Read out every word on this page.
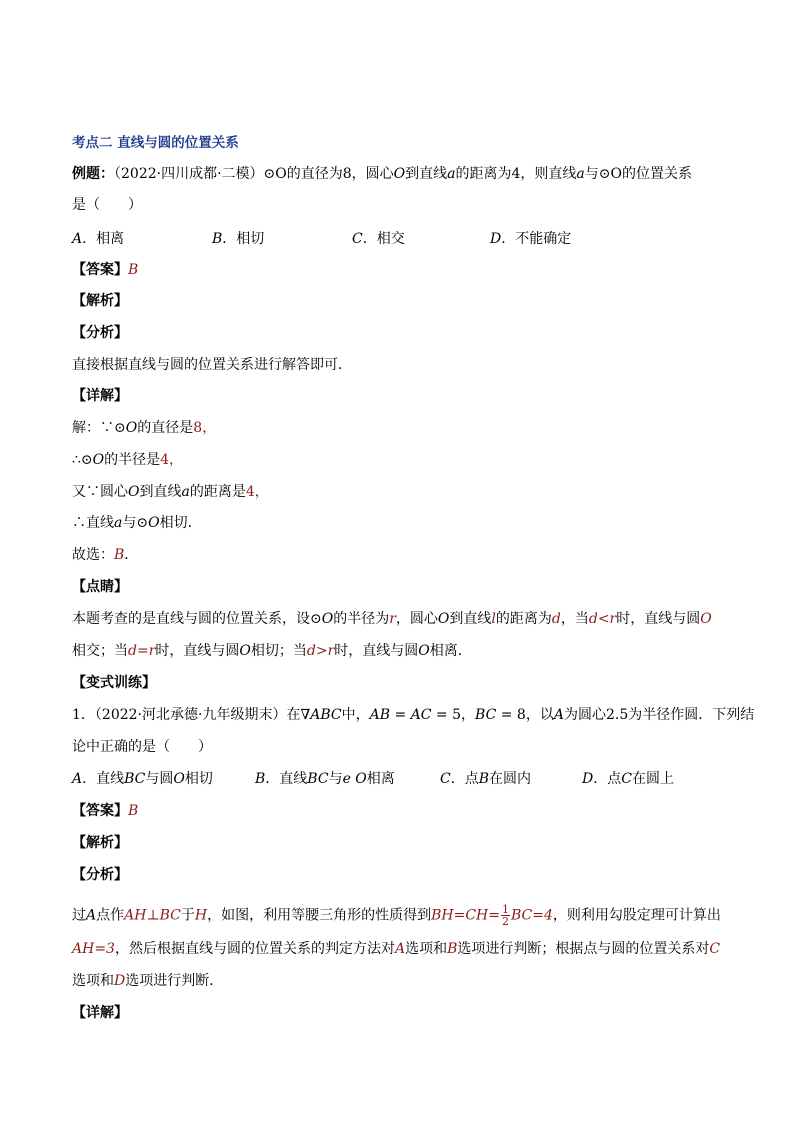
考点二 直线与圆的位置关系
例题：（2022·四川成都·二模）⊙O的直径为8，圆心O到直线a的距离为4，则直线a与⊙O的位置关系
是（　　）
A．相离	B．相切	C．相交	D．不能确定
【答案】B
【解析】
【分析】
直接根据直线与圆的位置关系进行解答即可．
【详解】
解：∵⊙O的直径是8，
∴⊙O的半径是4，
又∵圆心O到直线a的距离是4，
∴直线a与⊙O相切．
故选：B．
【点睛】
本题考查的是直线与圆的位置关系，设⊙O的半径为r，圆心O到直线l的距离为d，当d<r时，直线与圆O
相交；当d=r时，直线与圆O相切；当d>r时，直线与圆O相离．
【变式训练】
1．（2022·河北承德·九年级期末）在∇ABC中，AB = AC = 5，BC = 8，以A为圆心2.5为半径作圆．下列结
论中正确的是（　　）
A．直线BC与圆O相切	B．直线BC与e O相离	C．点B在圆内	D．点C在圆上
【答案】B
【解析】
【分析】
过A点作AH⊥BC于H，如图，利用等腰三角形的性质得到$BH=CH= \frac{1}{2} BC=4$，则利用勾股定理可计算出
AH=3，然后根据直线与圆的位置关系的判定方法对A选项和B选项进行判断；根据点与圆的位置关系对C
选项和D选项进行判断．
【详解】
